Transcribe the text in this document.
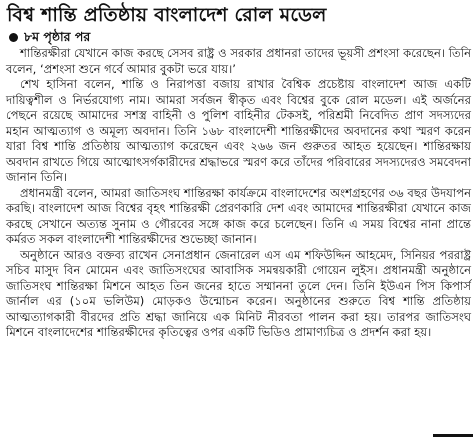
বিশ্ব শান্তি প্রতিষ্ঠায় বাংলাদেশ রোল মডেল
৮ম পৃষ্ঠার পর

শান্তিরক্ষীরা যেখানে কাজ করছে সেসব রাষ্ট্র ও সরকার প্রধানরা তাদের ভূয়সী প্রশংসা করেছেন। তিনি বলেন, ‘প্রশংসা শুনে গর্বে আমার বুকটা ভরে যায়।’

শেখ হাসিনা বলেন, শান্তি ও নিরাপত্তা বজায় রাখার বৈশ্বিক প্রচেষ্টায় বাংলাদেশ আজ একটি দায়িত্বশীল ও নির্ভরযোগ্য নাম। আমরা সর্বজন স্বীকৃত এবং বিশ্বের বুকে রোল মডেল। এই অর্জনের পেছনে রয়েছে আমাদের সশস্ত্র বাহিনী ও পুলিশ বাহিনীর টেকসই, পরিশ্রমী নিবেদিত প্রাণ সদস্যদের মহান আত্মত্যাগ ও অমূল্য অবদান। তিনি ১৬৮ বাংলাদেশী শান্তিরক্ষীদের অবদানের কথা স্মরণ করেন যারা বিশ্ব শান্তি প্রতিষ্ঠায় আত্মত্যাগ করেছেন এবং ২৬৬ জন গুরুতর আহত হয়েছেন। শান্তিরক্ষায় অবদান রাখতে গিয়ে আত্মোৎসর্গকারীদের শ্রদ্ধাভরে স্মরণ করে তাঁদের পরিবারের সদস্যদেরও সমবেদনা জানান তিনি।

প্রধানমন্ত্রী বলেন, আমরা জাতিসংঘ শান্তিরক্ষা কার্যক্রমে বাংলাদেশের অংশগ্রহণের ৩৬ বছর উদযাপন করছি। বাংলাদেশ আজ বিশ্বের বৃহৎ শান্তিরক্ষী প্রেরণকারি দেশ এবং আমাদের শান্তিরক্ষীরা যেখানে কাজ করছে সেখানে অত্যন্ত সুনাম ও গৌরবের সঙ্গে কাজ করে চলেছেন। তিনি এ সময় বিশ্বের নানা প্রান্তে কর্মরত সকল বাংলাদেশী শান্তিরক্ষীদের শুভেচ্ছা জানান।

অনুষ্ঠানে আরও বক্তব্য রাখেন সেনাপ্রধান জেনারেল এস এম শফিউদ্দিন আহমেদ, সিনিয়র পররাষ্ট্র সচিব মাসুদ বিন মোমেন এবং জাতিসংঘের আবাসিক সমন্বয়কারী গোয়েন লুইস। প্রধানমন্ত্রী অনুষ্ঠানে জাতিসংঘ শান্তিরক্ষা মিশনে আহত তিন জনের হাতে সম্মাননা তুলে দেন। তিনি ইউএন পিস কিপার্স জার্নাল এর (১০ম ভলিউম) মোড়কও উন্মোচন করেন। অনুষ্ঠানের শুরুতে বিশ্ব শান্তি প্রতিষ্ঠায় আত্মত্যাগকারী বীরদের প্রতি শ্রদ্ধা জানিয়ে এক মিনিট নীরবতা পালন করা হয়। তারপর জাতিসংঘ মিশনে বাংলাদেশের শান্তিরক্ষীদের কৃতিত্বের ওপর একটি ভিডিও প্রামাণ্যচিত্র ও প্রদর্শন করা হয়।
